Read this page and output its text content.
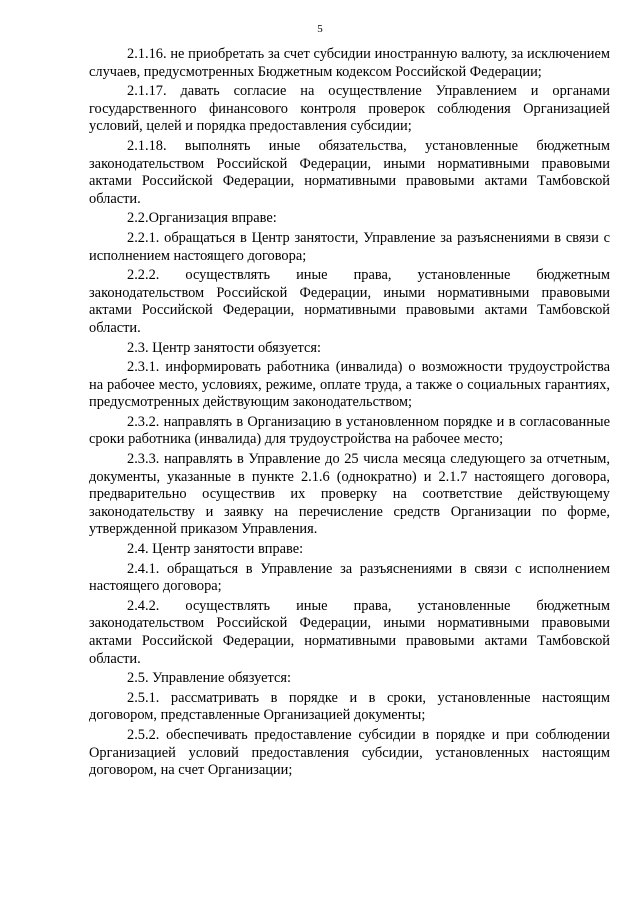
5

2.1.16. не приобретать за счет субсидии иностранную валюту, за исключением случаев, предусмотренных Бюджетным кодексом Российской Федерации;

2.1.17. давать согласие на осуществление Управлением и органами государственного финансового контроля проверок соблюдения Организацией условий, целей и порядка предоставления субсидии;

2.1.18. выполнять иные обязательства, установленные бюджетным законодательством Российской Федерации, иными нормативными правовыми актами Российской Федерации, нормативными правовыми актами Тамбовской области.

2.2.Организация вправе:

2.2.1. обращаться в Центр занятости, Управление за разъяснениями в связи с исполнением настоящего договора;

2.2.2. осуществлять иные права, установленные бюджетным законодательством Российской Федерации, иными нормативными правовыми актами Российской Федерации, нормативными правовыми актами Тамбовской области.

2.3. Центр занятости обязуется:

2.3.1. информировать работника (инвалида) о возможности трудоустройства на рабочее место, условиях, режиме, оплате труда, а также о социальных гарантиях, предусмотренных действующим законодательством;

2.3.2. направлять в Организацию в установленном порядке и в согласованные сроки работника (инвалида) для трудоустройства на рабочее место;

2.3.3. направлять в Управление до 25 числа месяца следующего за отчетным, документы, указанные в пункте 2.1.6 (однократно) и 2.1.7 настоящего договора, предварительно осуществив их проверку на соответствие действующему законодательству и заявку на перечисление средств Организации по форме, утвержденной приказом Управления.

2.4. Центр занятости вправе:

2.4.1. обращаться в Управление за разъяснениями в связи с исполнением настоящего договора;

2.4.2. осуществлять иные права, установленные бюджетным законодательством Российской Федерации, иными нормативными правовыми актами Российской Федерации, нормативными правовыми актами Тамбовской области.

2.5. Управление обязуется:

2.5.1. рассматривать в порядке и в сроки, установленные настоящим договором, представленные Организацией документы;

2.5.2. обеспечивать предоставление субсидии в порядке и при соблюдении Организацией условий предоставления субсидии, установленных настоящим договором, на счет Организации;
